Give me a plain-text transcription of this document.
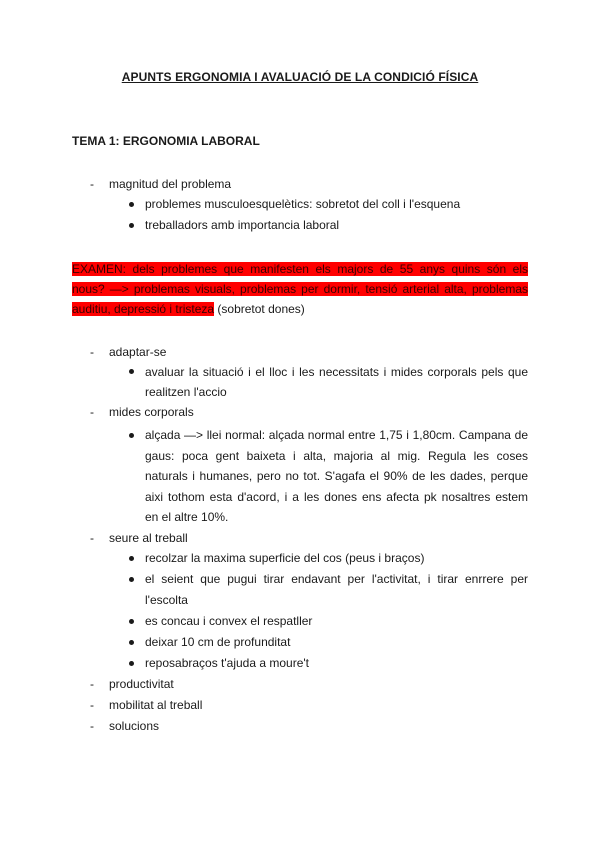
APUNTS ERGONOMIA I AVALUACIÓ DE LA CONDICIÓ FÍSICA
TEMA 1: ERGONOMIA LABORAL
- magnitud del problema
problemes musculoesquelètics: sobretot del coll i l'esquena
treballadors amb importancia laboral
EXAMEN: dels problemes que manifesten els majors de 55 anys quins són els
nous? —> problemas visuals, problemas per dormir, tensió arterial alta, problemas
auditiu, depressió i tristeza (sobretot dones)
- adaptar-se
avaluar la situació i el lloc i les necessitats i mides corporals pels que
realitzen l'accio
- mides corporals
alçada —> llei normal: alçada normal entre 1,75 i 1,80cm. Campana de
gaus: poca gent baixeta i alta, majoria al mig. Regula les coses
naturals i humanes, pero no tot. S'agafa el 90% de les dades, perque
aixi tothom esta d'acord, i a les dones ens afecta pk nosaltres estem
en el altre 10%.
- seure al treball
recolzar la maxima superficie del cos (peus i braços)
el seient que pugui tirar endavant per l'activitat, i tirar enrrere per
l'escolta
es concau i convex el respatller
deixar 10 cm de profunditat
reposabraços t'ajuda a moure't
- productivitat
- mobilitat al treball
- solucions
